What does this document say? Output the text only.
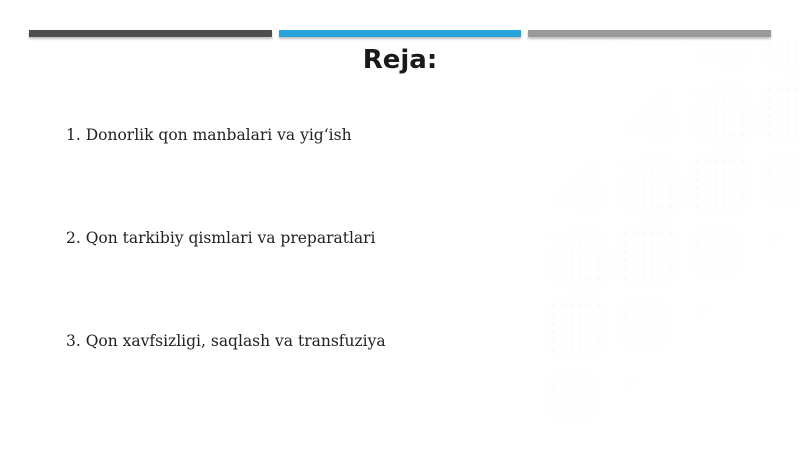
Reja:
1. Donorlik qon manbalari va yig‘ish
2. Qon tarkibiy qismlari va preparatlari
3. Qon xavfsizligi, saqlash va transfuziya
